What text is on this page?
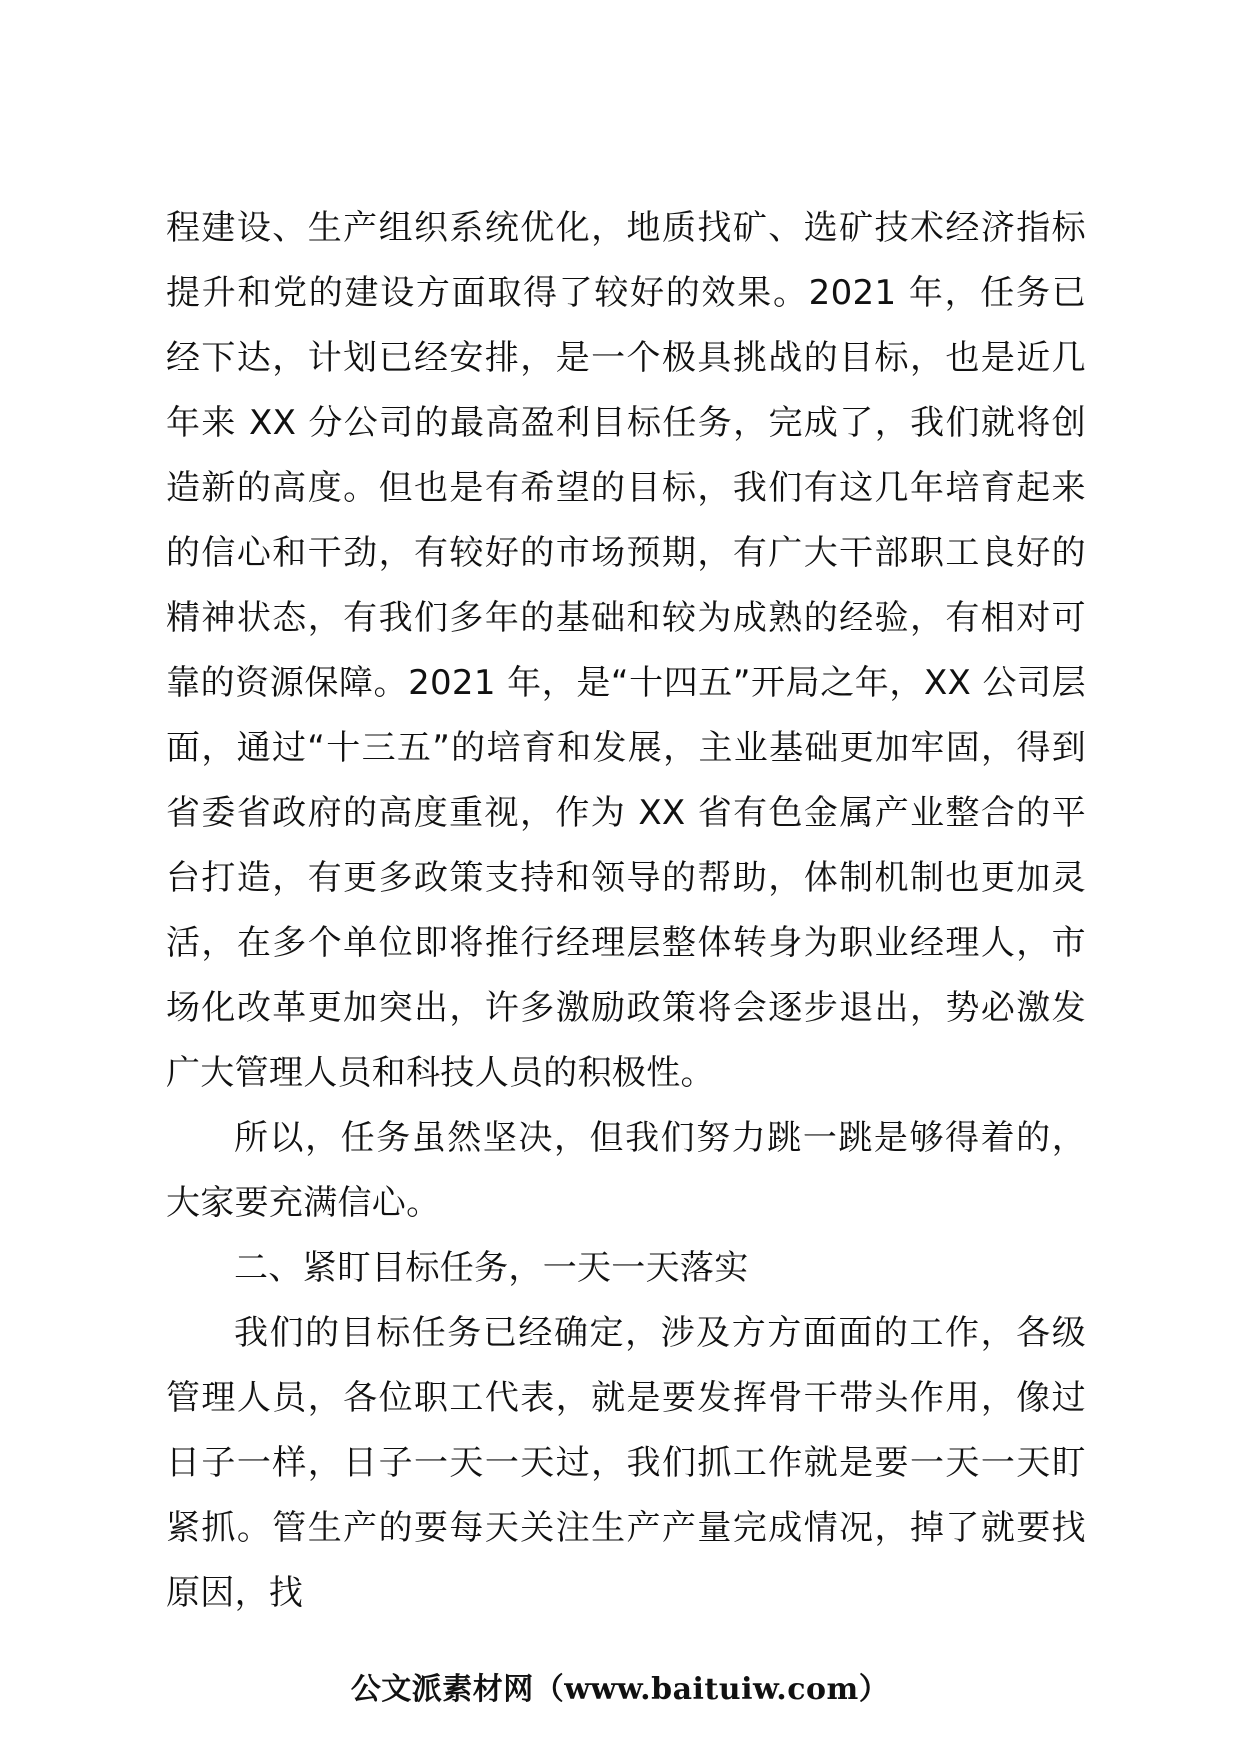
程建设、生产组织系统优化，地质找矿、选矿技术经济指标提升和党的建设方面取得了较好的效果。2021 年，任务已经下达，计划已经安排，是一个极具挑战的目标，也是近几年来 XX 分公司的最高盈利目标任务，完成了，我们就将创造新的高度。但也是有希望的目标，我们有这几年培育起来的信心和干劲，有较好的市场预期，有广大干部职工良好的精神状态，有我们多年的基础和较为成熟的经验，有相对可靠的资源保障。2021 年，是“十四五”开局之年，XX 公司层面，通过“十三五”的培育和发展，主业基础更加牢固，得到省委省政府的高度重视，作为 XX 省有色金属产业整合的平台打造，有更多政策支持和领导的帮助，体制机制也更加灵活，在多个单位即将推行经理层整体转身为职业经理人，市场化改革更加突出，许多激励政策将会逐步退出，势必激发广大管理人员和科技人员的积极性。

所以，任务虽然坚决，但我们努力跳一跳是够得着的，大家要充满信心。

二、紧盯目标任务，一天一天落实

我们的目标任务已经确定，涉及方方面面的工作，各级管理人员，各位职工代表，就是要发挥骨干带头作用，像过日子一样，日子一天一天过，我们抓工作就是要一天一天盯紧抓。管生产的要每天关注生产产量完成情况，掉了就要找原因，找

公文派素材网（www.baituiw.com）
